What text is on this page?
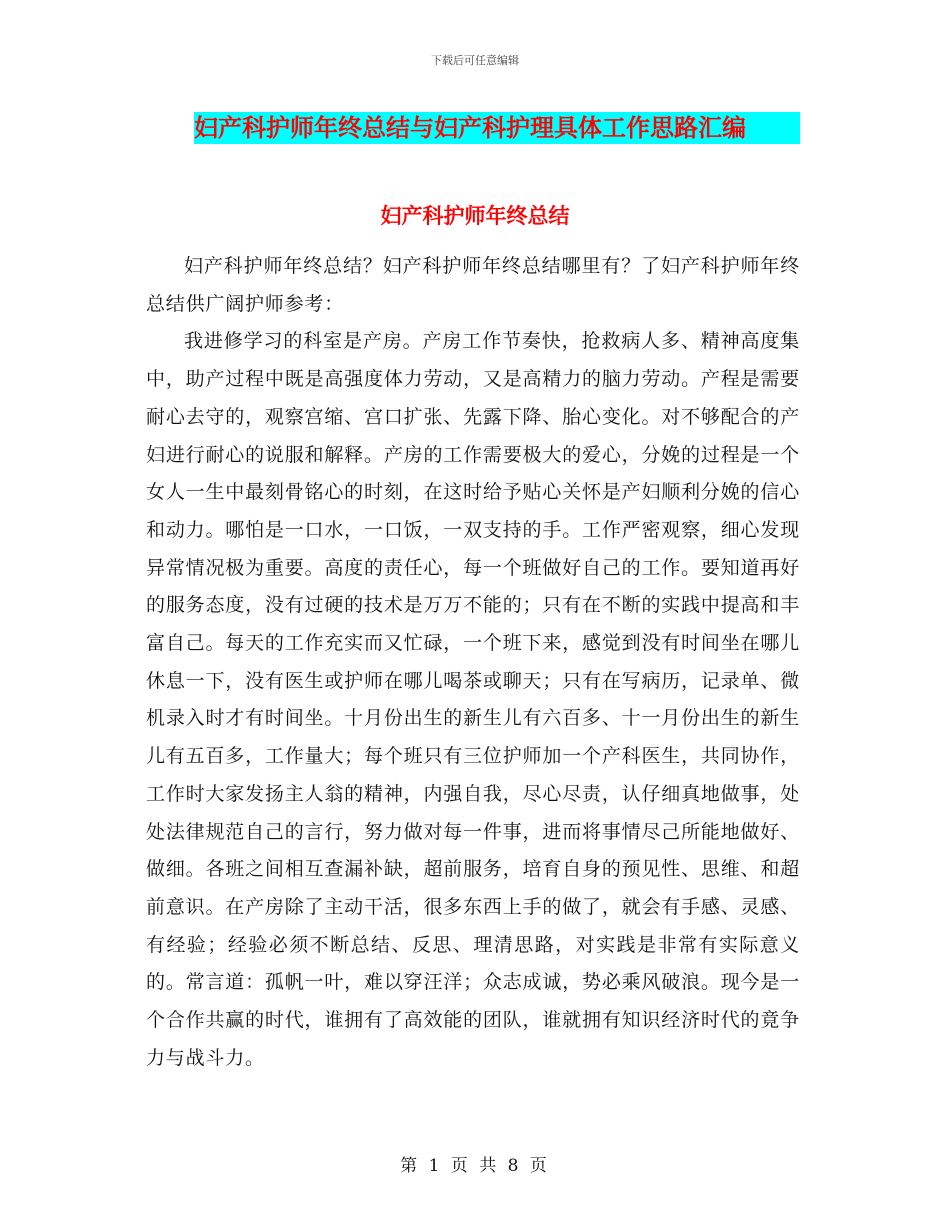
下载后可任意编辑
妇产科护师年终总结与妇产科护理具体工作思路汇编
妇产科护师年终总结

妇产科护师年终总结？妇产科护师年终总结哪里有？了妇产科护师年终总结供广阔护师参考：

我进修学习的科室是产房。产房工作节奏快，抢救病人多、精神高度集中，助产过程中既是高强度体力劳动，又是高精力的脑力劳动。产程是需要耐心去守的，观察宫缩、宫口扩张、先露下降、胎心变化。对不够配合的产妇进行耐心的说服和解释。产房的工作需要极大的爱心，分娩的过程是一个女人一生中最刻骨铭心的时刻，在这时给予贴心关怀是产妇顺利分娩的信心和动力。哪怕是一口水，一口饭，一双支持的手。工作严密观察，细心发现异常情况极为重要。高度的责任心，每一个班做好自己的工作。要知道再好的服务态度，没有过硬的技术是万万不能的；只有在不断的实践中提高和丰富自己。每天的工作充实而又忙碌，一个班下来，感觉到没有时间坐在哪儿休息一下，没有医生或护师在哪儿喝茶或聊天；只有在写病历，记录单、微机录入时才有时间坐。十月份出生的新生儿有六百多、十一月份出生的新生儿有五百多，工作量大；每个班只有三位护师加一个产科医生，共同协作，工作时大家发扬主人翁的精神，内强自我，尽心尽责，认仔细真地做事，处处法律规范自己的言行，努力做对每一件事，进而将事情尽己所能地做好、做细。各班之间相互查漏补缺，超前服务，培育自身的预见性、思维、和超前意识。在产房除了主动干活，很多东西上手的做了，就会有手感、灵感、有经验；经验必须不断总结、反思、理清思路，对实践是非常有实际意义的。常言道：孤帆一叶，难以穿汪洋；众志成诚，势必乘风破浪。现今是一个合作共赢的时代，谁拥有了高效能的团队，谁就拥有知识经济时代的竟争力与战斗力。

第 1 页 共 8 页
